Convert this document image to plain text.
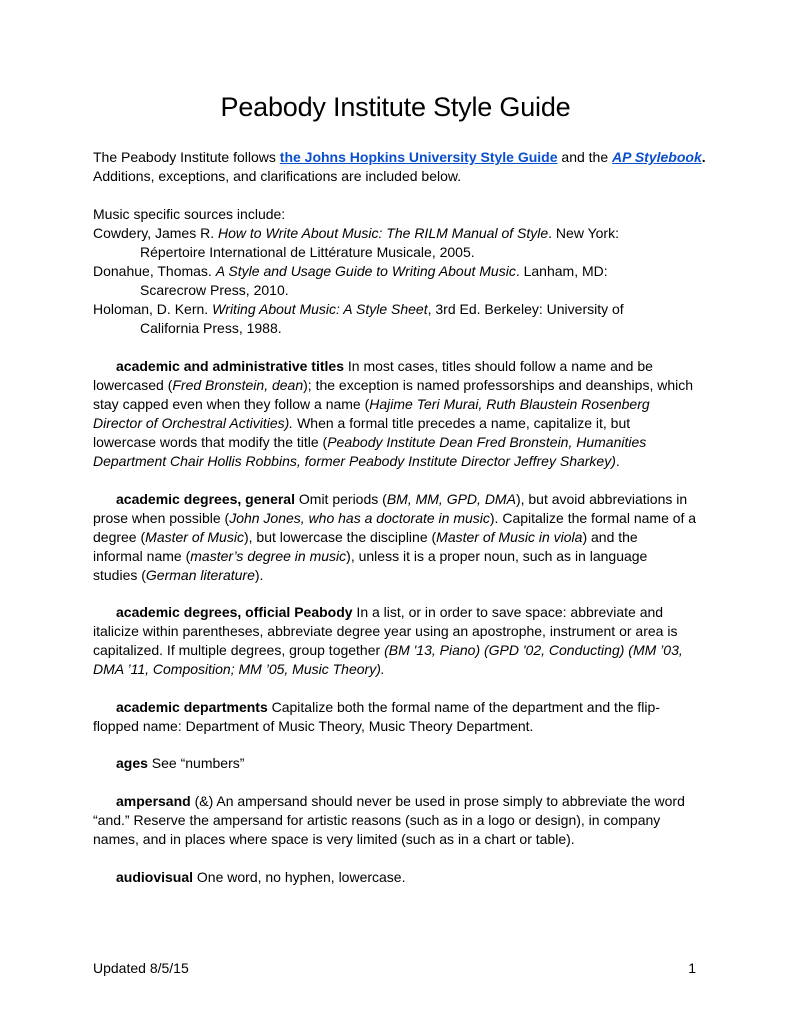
Peabody Institute Style Guide
The Peabody Institute follows the Johns Hopkins University Style Guide and the AP Stylebook.
Additions, exceptions, and clarifications are included below.
Music specific sources include:
Cowdery, James R. How to Write About Music: The RILM Manual of Style. New York:
Répertoire International de Littérature Musicale, 2005.
Donahue, Thomas. A Style and Usage Guide to Writing About Music. Lanham, MD:
Scarecrow Press, 2010.
Holoman, D. Kern. Writing About Music: A Style Sheet, 3rd Ed. Berkeley: University of
California Press, 1988.
academic and administrative titles In most cases, titles should follow a name and be
lowercased (Fred Bronstein, dean); the exception is named professorships and deanships, which
stay capped even when they follow a name (Hajime Teri Murai, Ruth Blaustein Rosenberg
Director of Orchestral Activities). When a formal title precedes a name, capitalize it, but
lowercase words that modify the title (Peabody Institute Dean Fred Bronstein, Humanities
Department Chair Hollis Robbins, former Peabody Institute Director Jeffrey Sharkey).
academic degrees, general Omit periods (BM, MM, GPD, DMA), but avoid abbreviations in
prose when possible (John Jones, who has a doctorate in music). Capitalize the formal name of a
degree (Master of Music), but lowercase the discipline (Master of Music in viola) and the
informal name (master’s degree in music), unless it is a proper noun, such as in language
studies (German literature).
academic degrees, official Peabody In a list, or in order to save space: abbreviate and
italicize within parentheses, abbreviate degree year using an apostrophe, instrument or area is
capitalized. If multiple degrees, group together (BM '13, Piano) (GPD '02, Conducting) (MM ’03,
DMA ’11, Composition; MM ’05, Music Theory).
academic departments Capitalize both the formal name of the department and the flip-
flopped name: Department of Music Theory, Music Theory Department.
ages See “numbers”
ampersand (&) An ampersand should never be used in prose simply to abbreviate the word
“and.” Reserve the ampersand for artistic reasons (such as in a logo or design), in company
names, and in places where space is very limited (such as in a chart or table).
audiovisual One word, no hyphen, lowercase.
Updated 8/5/15	1
